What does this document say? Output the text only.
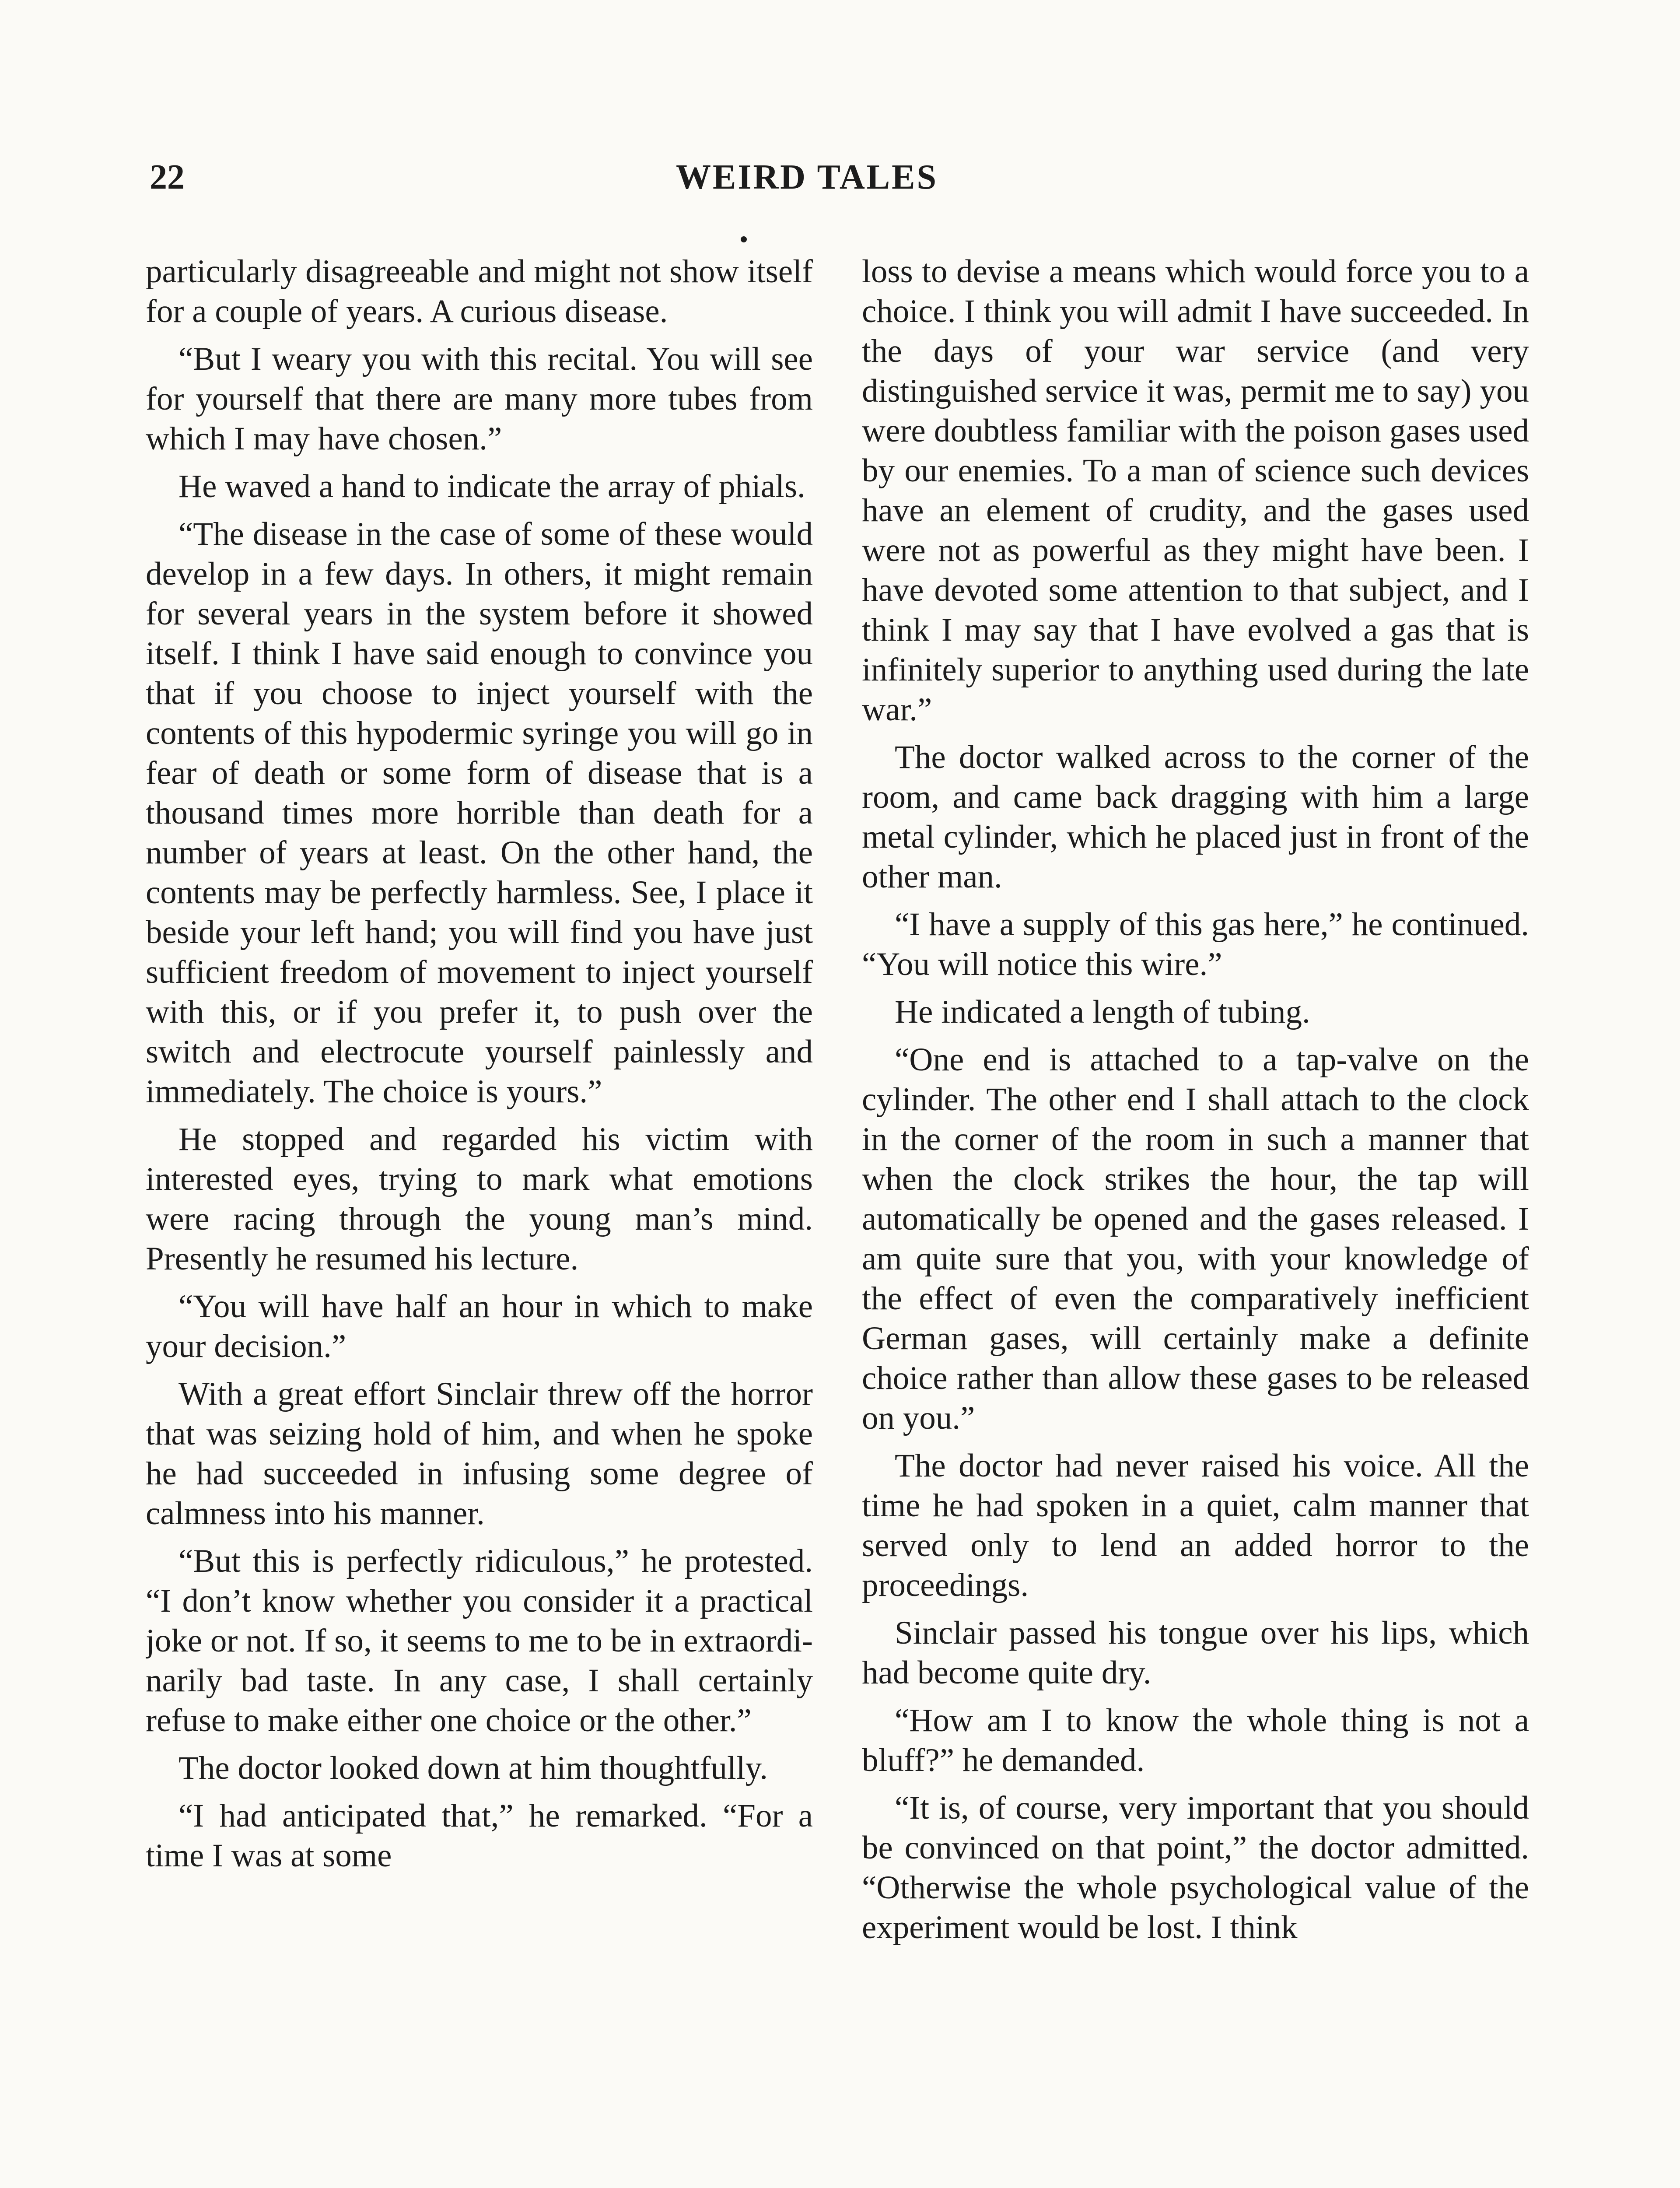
22	WEIRD TALES

particularly disagreeable and might not show itself for a couple of years. A curious disease.

“But I weary you with this recital. You will see for yourself that there are many more tubes from which I may have chosen.”

He waved a hand to indicate the array of phials.

“The disease in the case of some of these would develop in a few days. In others, it might remain for several years in the system before it showed itself. I think I have said enough to convince you that if you choose to inject yourself with the contents of this hypodermic syringe you will go in fear of death or some form of disease that is a thousand times more horrible than death for a number of years at least. On the other hand, the contents may be perfectly harmless. See, I place it beside your left hand; you will find you have just sufficient freedom of movement to inject yourself with this, or if you prefer it, to push over the switch and electrocute yourself painlessly and immediately. The choice is yours.”

He stopped and regarded his victim with interested eyes, trying to mark what emotions were racing through the young man’s mind. Presently he resumed his lecture.

“You will have half an hour in which to make your decision.”

With a great effort Sinclair threw off the horror that was seizing hold of him, and when he spoke he had succeeded in infusing some degree of calmness into his manner.

“But this is perfectly ridiculous,” he protested. “I don’t know whether you consider it a practical joke or not. If so, it seems to me to be in extraordinarily bad taste. In any case, I shall certainly refuse to make either one choice or the other.”

The doctor looked down at him thoughtfully.

“I had anticipated that,” he remarked. “For a time I was at some

loss to devise a means which would force you to a choice. I think you will admit I have succeeded. In the days of your war service (and very distinguished service it was, permit me to say) you were doubtless familiar with the poison gases used by our enemies. To a man of science such devices have an element of crudity, and the gases used were not as powerful as they might have been. I have devoted some attention to that subject, and I think I may say that I have evolved a gas that is infinitely superior to anything used during the late war.”

The doctor walked across to the corner of the room, and came back dragging with him a large metal cylinder, which he placed just in front of the other man.

“I have a supply of this gas here,” he continued. “You will notice this wire.”

He indicated a length of tubing.

“One end is attached to a tap-valve on the cylinder. The other end I shall attach to the clock in the corner of the room in such a manner that when the clock strikes the hour, the tap will automatically be opened and the gases released. I am quite sure that you, with your knowledge of the effect of even the comparatively inefficient German gases, will certainly make a definite choice rather than allow these gases to be released on you.”

The doctor had never raised his voice. All the time he had spoken in a quiet, calm manner that served only to lend an added horror to the proceedings.

Sinclair passed his tongue over his lips, which had become quite dry.

“How am I to know the whole thing is not a bluff?” he demanded.

“It is, of course, very important that you should be convinced on that point,” the doctor admitted. “Otherwise the whole psychological value of the experiment would be lost. I think
